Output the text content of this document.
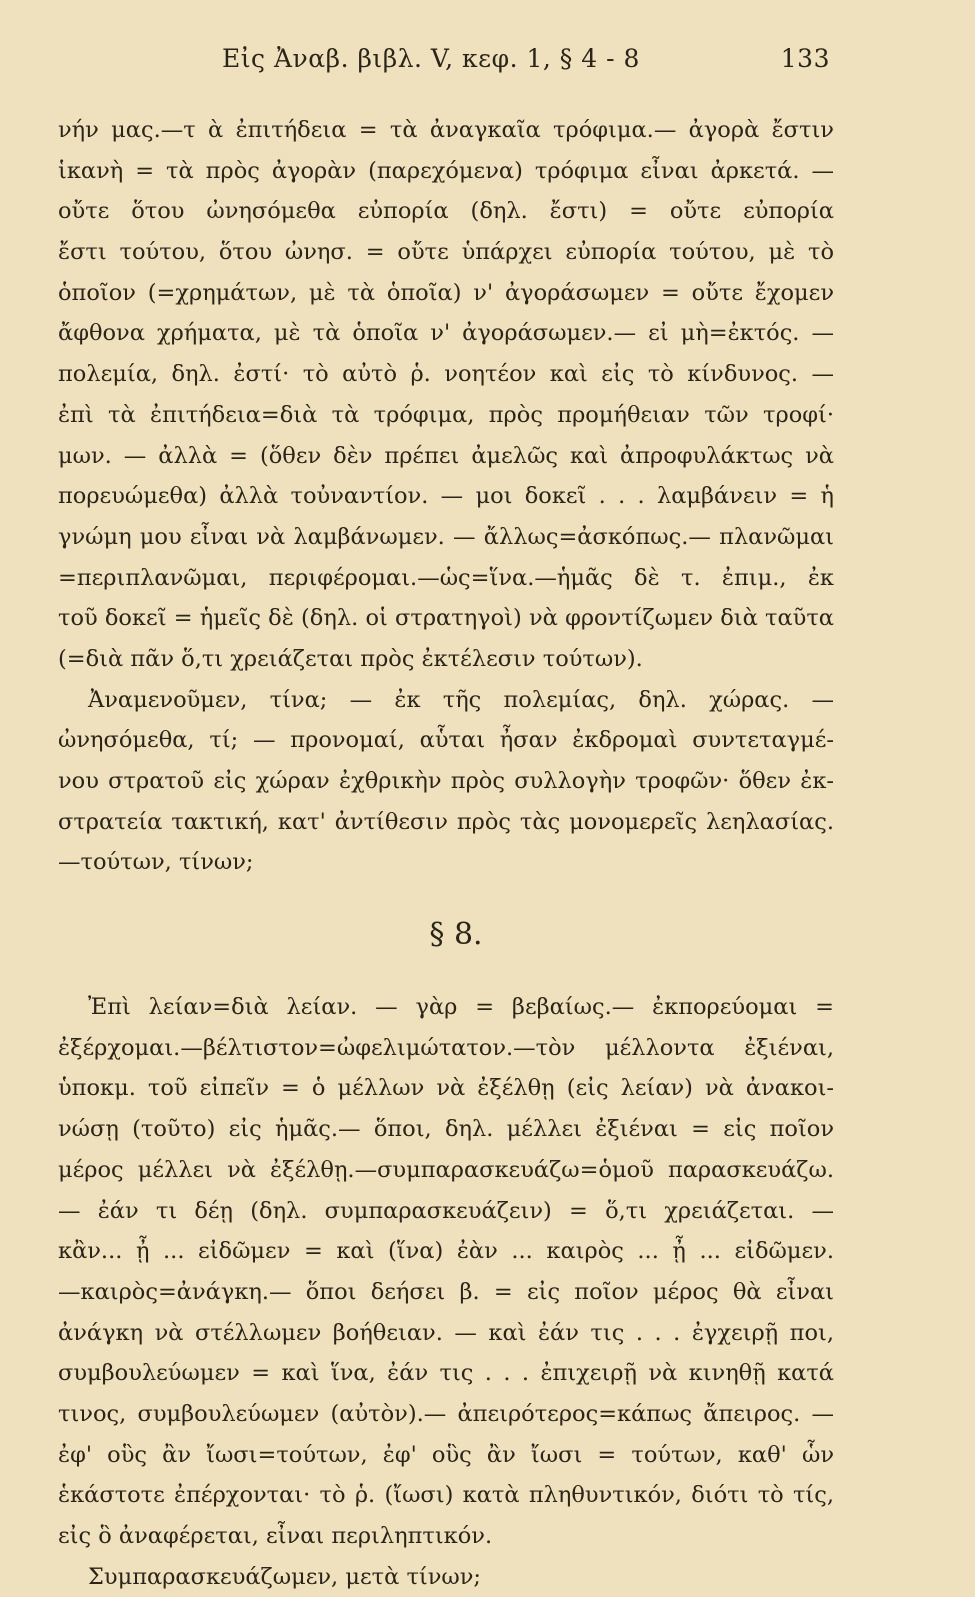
Εἰς Ἀναβ. βιβλ. V, κεφ. 1, § 4 - 8	133
νήν μας.—τ ὰ ἐπιτήδεια = τὰ ἀναγκαῖα τρόφιμα.— ἀγορὰ ἔστιν
ἱκανὴ = τὰ πρὸς ἀγορὰν (παρεχόμενα) τρόφιμα εἶναι ἀρκετά. —
οὔτε ὅτου ὠνησόμεθα εὐπορία (δηλ. ἔστι) = οὔτε εὐπορία
ἔστι τούτου, ὅτου ὠνησ. = οὔτε ὑπάρχει εὐπορία τούτου, μὲ τὸ
ὁποῖον (=χρημάτων, μὲ τὰ ὁποῖα) ν' ἀγοράσωμεν = οὔτε ἔχομεν
ἄφθονα χρήματα, μὲ τὰ ὁποῖα ν' ἀγοράσωμεν.— εἰ μὴ=ἐκτός. —
πολεμία, δηλ. ἐστί· τὸ αὐτὸ ῥ. νοητέον καὶ εἰς τὸ κίνδυνος. —
ἐπὶ τὰ ἐπιτήδεια=διὰ τὰ τρόφιμα, πρὸς προμήθειαν τῶν τροφί·
μων. — ἀλλὰ = (ὅθεν δὲν πρέπει ἀμελῶς καὶ ἀπροφυλάκτως νὰ
πορευώμεθα) ἀλλὰ τοὐναντίον. — μοι δοκεῖ . . . λαμβάνειν = ἡ
γνώμη μου εἶναι νὰ λαμβάνωμεν. — ἄλλως=ἀσκόπως.— πλανῶμαι
=περιπλανῶμαι, περιφέρομαι.—ὡς=ἵνα.—ἡμᾶς δὲ τ. ἐπιμ., ἐκ
τοῦ δοκεῖ = ἡμεῖς δὲ (δηλ. οἱ στρατηγοὶ) νὰ φροντίζωμεν διὰ ταῦτα
(=διὰ πᾶν ὅ,τι χρειάζεται πρὸς ἐκτέλεσιν τούτων).
Ἀναμενοῦμεν, τίνα; — ἐκ τῆς πολεμίας, δηλ. χώρας. —
ὠνησόμεθα, τί; — προνομαί, αὗται ἦσαν ἐκδρομαὶ συντεταγμέ-
νου στρατοῦ εἰς χώραν ἐχθρικὴν πρὸς συλλογὴν τροφῶν· ὅθεν ἐκ-
στρατεία τακτική, κατ' ἀντίθεσιν πρὸς τὰς μονομερεῖς λεηλασίας.
—τούτων, τίνων;
§ 8.
Ἐπὶ λείαν=διὰ λείαν. — γὰρ = βεβαίως.— ἐκπορεύομαι =
ἐξέρχομαι.—βέλτιστον=ὠφελιμώτατον.—τὸν μέλλοντα ἐξιέναι,
ὑποκμ. τοῦ εἰπεῖν = ὁ μέλλων νὰ ἐξέλθῃ (εἰς λείαν) νὰ ἀνακοι-
νώσῃ (τοῦτο) εἰς ἡμᾶς.— ὅποι, δηλ. μέλλει ἐξιέναι = εἰς ποῖον
μέρος μέλλει νὰ ἐξέλθῃ.—συμπαρασκευάζω=ὁμοῦ παρασκευάζω.
— ἐάν τι δέῃ (δηλ. συμπαρασκευάζειν) = ὅ,τι χρειάζεται. —
κἂν... ᾖ ... εἰδῶμεν = καὶ (ἵνα) ἐὰν ... καιρὸς ... ᾖ ... εἰδῶμεν.
—καιρὸς=ἀνάγκη.— ὅποι δεήσει β. = εἰς ποῖον μέρος θὰ εἶναι
ἀνάγκη νὰ στέλλωμεν βοήθειαν. — καὶ ἐάν τις . . . ἐγχειρῇ ποι,
συμβουλεύωμεν = καὶ ἵνα, ἐάν τις . . . ἐπιχειρῇ νὰ κινηθῇ κατά
τινος, συμβουλεύωμεν (αὐτὸν).— ἀπειρότερος=κάπως ἄπειρος. —
ἐφ' οὓς ἂν ἴωσι=τούτων, ἐφ' οὓς ἂν ἴωσι = τούτων, καθ' ὧν
ἑκάστοτε ἐπέρχονται· τὸ ῥ. (ἴωσι) κατὰ πληθυντικόν, διότι τὸ τίς,
εἰς ὃ ἀναφέρεται, εἶναι περιληπτικόν.
Συμπαρασκευάζωμεν, μετὰ τίνων;
